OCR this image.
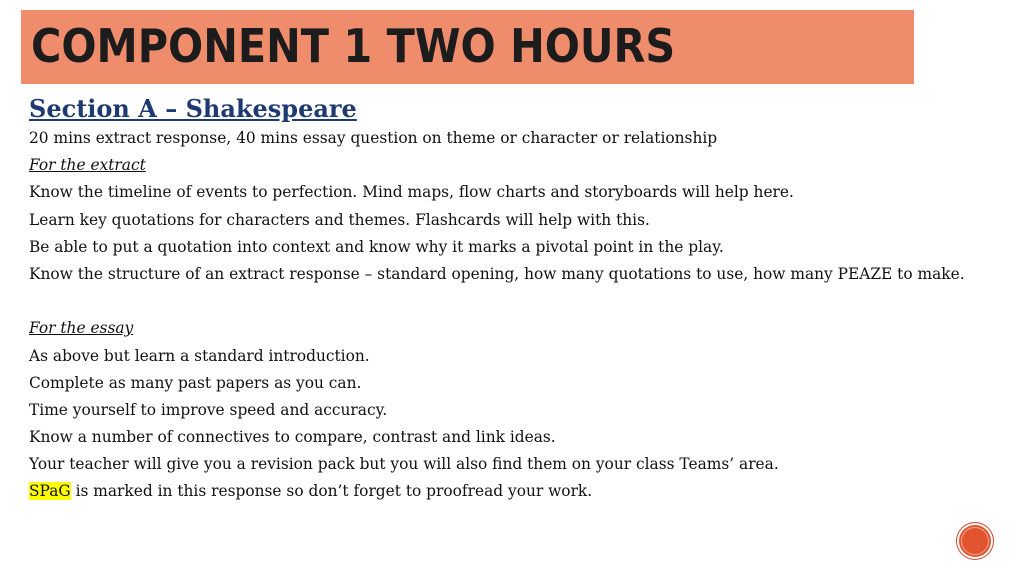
COMPONENT 1 TWO HOURS
Section A – Shakespeare
20 mins extract response, 40 mins essay question on theme or character or relationship
For the extract
Know the timeline of events to perfection. Mind maps, flow charts and storyboards will help here.
Learn key quotations for characters and themes. Flashcards will help with this.
Be able to put a quotation into context and know why it marks a pivotal point in the play.
Know the structure of an extract response – standard opening, how many quotations to use, how many PEAZE to make.
For the essay
As above but learn a standard introduction.
Complete as many past papers as you can.
Time yourself to improve speed and accuracy.
Know a number of connectives to compare, contrast and link ideas.
Your teacher will give you a revision pack but you will also find them on your class Teams’ area.
SPaG is marked in this response so don’t forget to proofread your work.
